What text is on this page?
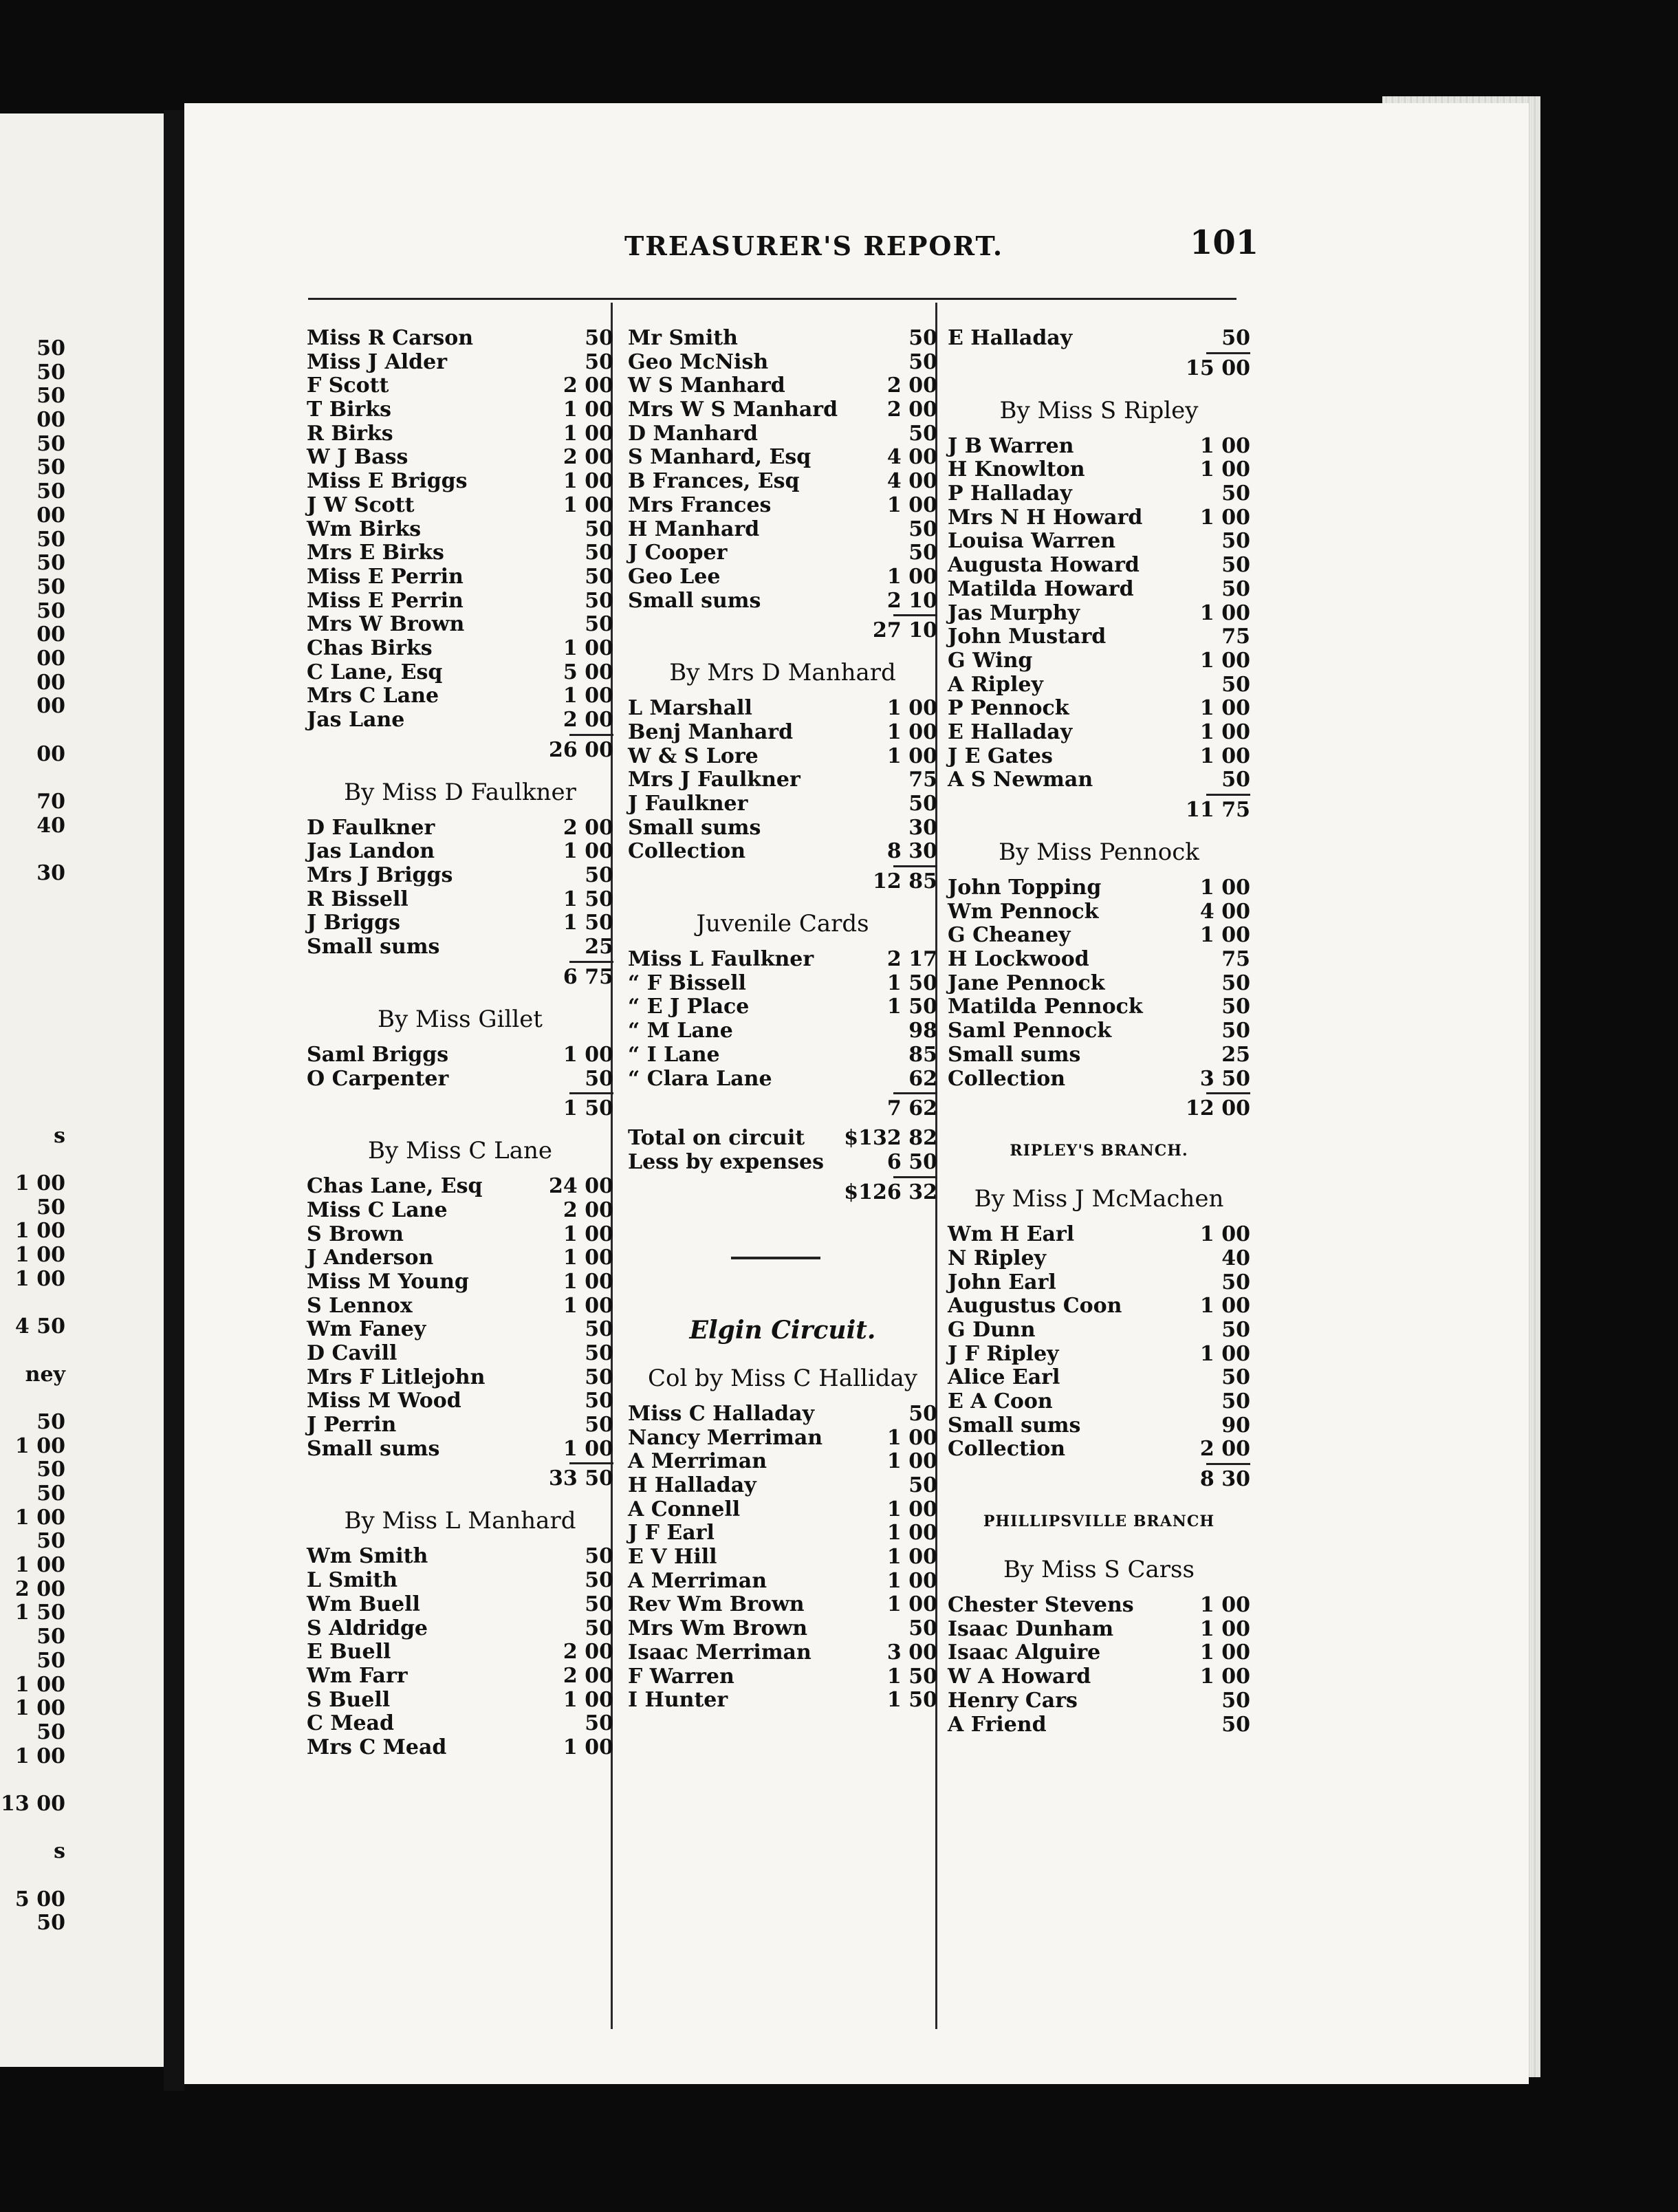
50
50
50
00
50
50
50
00
50
50
50
50
00
00
00
00
00
70
40
30
s
1 00
50
1 00
1 00
1 00
4 50
ney
50
1 00
50
50
1 00
50
1 00
2 00
1 50
50
50
1 00
1 00
50
1 00
13 00
s
5 00
50
TREASURER'S REPORT.	101
Miss R Carson	50
Miss J Alder	50
F Scott	2 00
T Birks	1 00
R Birks	1 00
W J Bass	2 00
Miss E Briggs	1 00
J W Scott	1 00
Wm Birks	50
Mrs E Birks	50
Miss E Perrin	50
Miss E Perrin	50
Mrs W Brown	50
Chas Birks	1 00
C Lane, Esq	5 00
Mrs C Lane	1 00
Jas Lane	2 00
26 00
By Miss D Faulkner
D Faulkner	2 00
Jas Landon	1 00
Mrs J Briggs	50
R Bissell	1 50
J Briggs	1 50
Small sums	25
6 75
By Miss Gillet
Saml Briggs	1 00
O Carpenter	50
1 50
By Miss C Lane
Chas Lane, Esq	24 00
Miss C Lane	2 00
S Brown	1 00
J Anderson	1 00
Miss M Young	1 00
S Lennox	1 00
Wm Faney	50
D Cavill	50
Mrs F Litlejohn	50
Miss M Wood	50
J Perrin	50
Small sums	1 00
33 50
By Miss L Manhard
Wm Smith	50
L Smith	50
Wm Buell	50
S Aldridge	50
E Buell	2 00
Wm Farr	2 00
S Buell	1 00
C Mead	50
Mrs C Mead	1 00
Mr Smith	50
Geo McNish	50
W S Manhard	2 00
Mrs W S Manhard 2 00
D Manhard	50
S Manhard, Esq	4 00
B Frances, Esq	4 00
Mrs Frances	1 00
H Manhard	50
J Cooper	50
Geo Lee	1 00
Small sums	2 10
27 10
By Mrs D Manhard
L Marshall	1 00
Benj Manhard	1 00
W & S Lore	1 00
Mrs J Faulkner	75
J Faulkner	50
Small sums	30
Collection	8 30
12 85
Juvenile Cards
Miss L Faulkner	2 17
“ F Bissell	1 50
“ E J Place	1 50
“ M Lane	98
“ I Lane	85
“ Clara Lane	62
7 62
Total on circuit $132 82
Less by expenses	6 50
$126 32
Elgin Circuit.
Col by Miss C Halliday
Miss C Halladay	50
Nancy Merriman	1 00
A Merriman	1 00
H Halladay	50
A Connell	1 00
J F Earl	1 00
E V Hill	1 00
A Merriman	1 00
Rev Wm Brown	1 00
Mrs Wm Brown	50
Isaac Merriman	3 00
F Warren	1 50
I Hunter	1 50
E Halladay	50
15 00
By Miss S Ripley
J B Warren	1 00
H Knowlton	1 00
P Halladay	50
Mrs N H Howard	1 00
Louisa Warren	50
Augusta Howard	50
Matilda Howard	50
Jas Murphy	1 00
John Mustard	75
G Wing	1 00
A Ripley	50
P Pennock	1 00
E Halladay	1 00
J E Gates	1 00
A S Newman	50
11 75
By Miss Pennock
John Topping	1 00
Wm Pennock	4 00
G Cheaney	1 00
H Lockwood	75
Jane Pennock	50
Matilda Pennock	50
Saml Pennock	50
Small sums	25
Collection	3 50
12 00
RIPLEY'S BRANCH.
By Miss J McMachen
Wm H Earl	1 00
N Ripley	40
John Earl	50
Augustus Coon	1 00
G Dunn	50
J F Ripley	1 00
Alice Earl	50
E A Coon	50
Small sums	90
Collection	2 00
8 30
PHILLIPSVILLE BRANCH
By Miss S Carss
Chester Stevens	1 00
Isaac Dunham	1 00
Isaac Alguire	1 00
W A Howard	1 00
Henry Cars	50
A Friend	50
